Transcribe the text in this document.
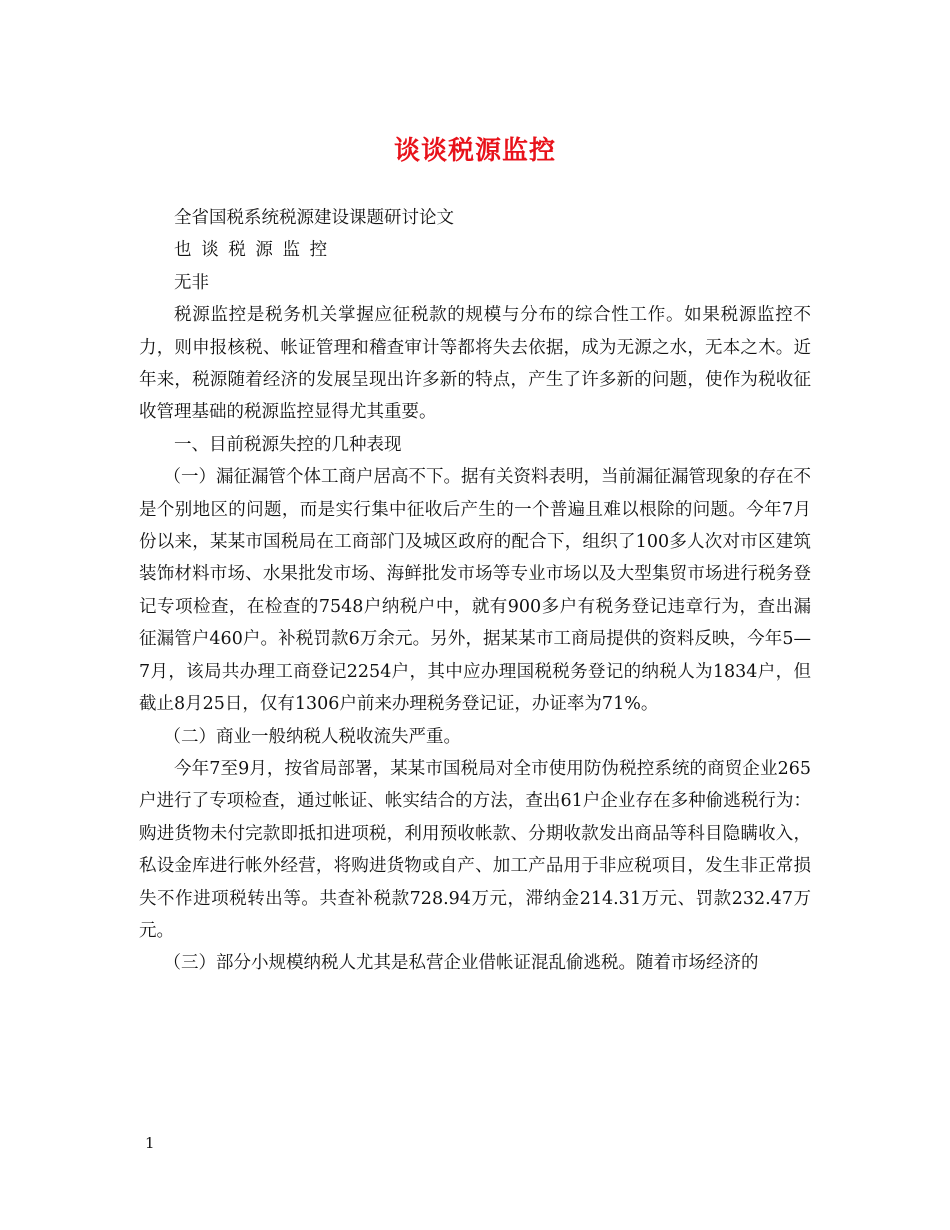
谈谈税源监控

全省国税系统税源建设课题研讨论文

也谈税源监控

无非

税源监控是税务机关掌握应征税款的规模与分布的综合性工作。如果税源监控不力，则申报核税、帐证管理和稽查审计等都将失去依据，成为无源之水，无本之木。近年来，税源随着经济的发展呈现出许多新的特点，产生了许多新的问题，使作为税收征收管理基础的税源监控显得尤其重要。

一、目前税源失控的几种表现

（一）漏征漏管个体工商户居高不下。据有关资料表明，当前漏征漏管现象的存在不是个别地区的问题，而是实行集中征收后产生的一个普遍且难以根除的问题。今年7月份以来，某某市国税局在工商部门及城区政府的配合下，组织了100多人次对市区建筑装饰材料市场、水果批发市场、海鲜批发市场等专业市场以及大型集贸市场进行税务登记专项检查，在检查的7548户纳税户中，就有900多户有税务登记违章行为，查出漏征漏管户460户。补税罚款6万余元。另外，据某某市工商局提供的资料反映，今年5—7月，该局共办理工商登记2254户，其中应办理国税税务登记的纳税人为1834户，但截止8月25日，仅有1306户前来办理税务登记证，办证率为71%。

（二）商业一般纳税人税收流失严重。

今年7至9月，按省局部署，某某市国税局对全市使用防伪税控系统的商贸企业265户进行了专项检查，通过帐证、帐实结合的方法，查出61户企业存在多种偷逃税行为：购进货物未付完款即抵扣进项税，利用预收帐款、分期收款发出商品等科目隐瞒收入，私设金库进行帐外经营，将购进货物或自产、加工产品用于非应税项目，发生非正常损失不作进项税转出等。共查补税款728.94万元，滞纳金214.31万元、罚款232.47万元。

（三）部分小规模纳税人尤其是私营企业借帐证混乱偷逃税。随着市场经济的

1
